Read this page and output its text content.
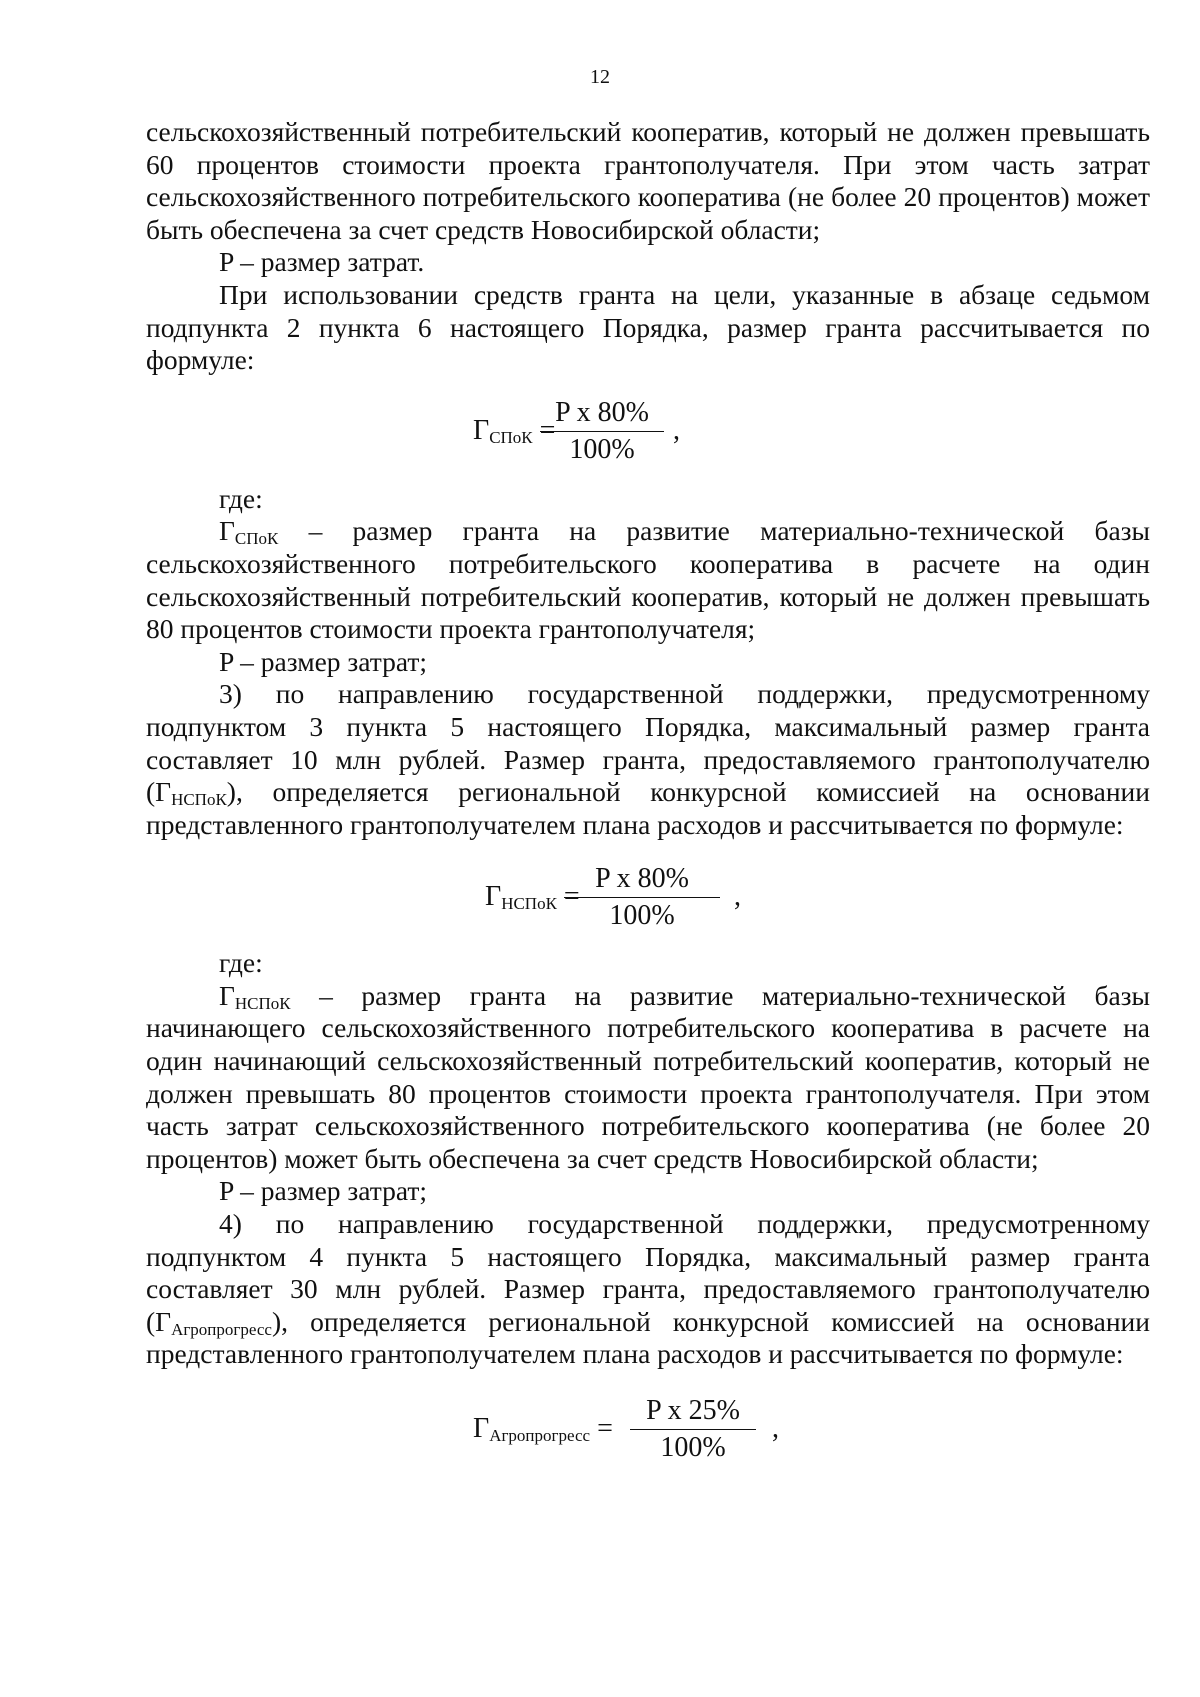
12

сельскохозяйственный потребительский кооператив, который не должен превышать 60 процентов стоимости проекта грантополучателя. При этом часть затрат сельскохозяйственного потребительского кооператива (не более 20 процентов) может быть обеспечена за счет средств Новосибирской области;

P – размер затрат.

При использовании средств гранта на цели, указанные в абзаце седьмом подпункта 2 пункта 6 настоящего Порядка, размер гранта рассчитывается по формуле:

$Г_{СПоК}$ =
$\frac{\text{P x 80\%}}{100\%}$ ,

где:

$Г_{СПоК}$ – размер гранта на развитие материально-технической базы сельскохозяйственного потребительского кооператива в расчете на один сельскохозяйственный потребительский кооператив, который не должен превышать 80 процентов стоимости проекта грантополучателя;

P – размер затрат;

3) по направлению государственной поддержки, предусмотренному подпунктом 3 пункта 5 настоящего Порядка, максимальный размер гранта составляет 10 млн рублей. Размер гранта, предоставляемого грантополучателю $(Г_{НСПоК})$, определяется региональной конкурсной комиссией на основании представленного грантополучателем плана расходов и рассчитывается по формуле:

$Г_{НСПоК}$ =
$\frac{\text{P x 80\%}}{100\%}$ ,

где:

$Г_{НСПоК}$ – размер гранта на развитие материально-технической базы начинающего сельскохозяйственного потребительского кооператива в расчете на один начинающий сельскохозяйственный потребительский кооператив, который не должен превышать 80 процентов стоимости проекта грантополучателя. При этом часть затрат сельскохозяйственного потребительского кооператива (не более 20 процентов) может быть обеспечена за счет средств Новосибирской области;

P – размер затрат;

4) по направлению государственной поддержки, предусмотренному подпунктом 4 пункта 5 настоящего Порядка, максимальный размер гранта составляет 30 млн рублей. Размер гранта, предоставляемого грантополучателю $(Г_{Агропрогресс})$, определяется региональной конкурсной комиссией на основании представленного грантополучателем плана расходов и рассчитывается по формуле:

$Г_{Агропрогресс} = \frac{\text{P x 25\%}}{100\%}$ ,
